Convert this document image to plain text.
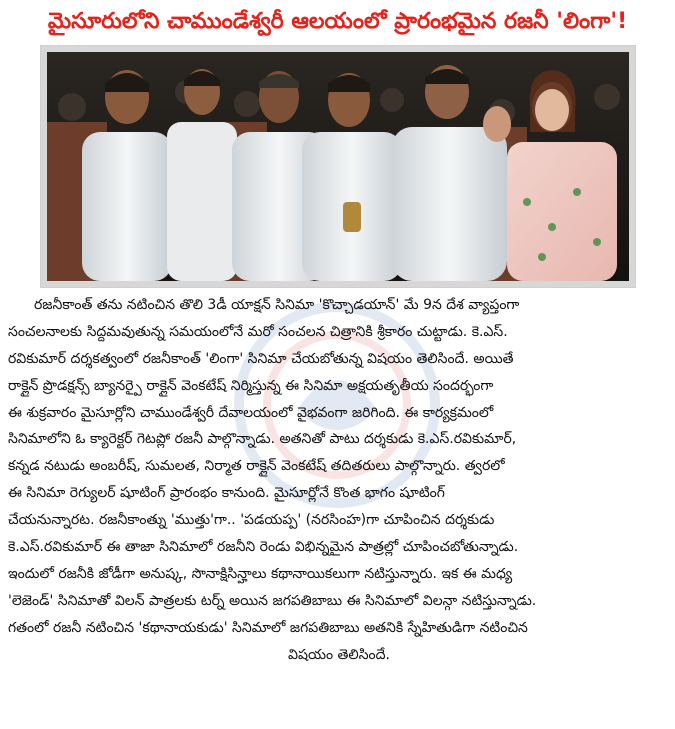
మైసూరులోని చాముండేశ్వరీ ఆలయంలో ప్రారంభమైన రజనీ 'లింగా'!
రజనీకాంత్ తను నటించిన తొలి 3డీ యాక్షన్ సినిమా 'కొచ్చాడయాన్' మే 9న దేశ వ్యాప్తంగా
సంచలనాలకు సిద్దమవుతున్న సమయంలోనే మరో సంచలన చిత్రానికి శ్రీకారం చుట్టాడు. కె.ఎస్.
రవికుమార్ దర్శకత్వంలో రజనీకాంత్ 'లింగా' సినిమా చేయబోతున్న విషయం తెలిసిందే. అయితే
రాక్లైన్ ప్రొడక్షన్స్ బ్యానర్పై రాక్లైన్ వెంకటేష్ నిర్మిస్తున్న ఈ సినిమా అక్షయతృతీయ సందర్భంగా
ఈ శుక్రవారం మైసూర్లోని చాముండేశ్వరీ దేవాలయంలో వైభవంగా జరిగింది. ఈ కార్యక్రమంలో
సినిమాలోని ఓ క్యారెక్టర్ గెటప్లో రజనీ పాల్గొన్నాడు. అతనితో పాటు దర్శకుడు కె.ఎస్.రవికుమార్,
కన్నడ నటుడు అంబరీష్, సుమలత, నిర్మాత రాక్లైన్ వెంకటేష్ తదితరులు పాల్గొన్నారు. త్వరలో
ఈ సినిమా రెగ్యులర్ షూటింగ్ ప్రారంభం కానుంది. మైసూర్లోనే కొంత భాగం షూటింగ్
చేయనున్నారట. రజనీకాంత్ను 'ముత్తు'గా.. 'పడయప్ప' (నరసింహ)గా చూపించిన దర్శకుడు
కె.ఎస్.రవికుమార్ ఈ తాజా సినిమాలో రజనీని రెండు విభిన్నమైన పాత్రల్లో చూపించబోతున్నాడు.
ఇందులో రజనీకి జోడీగా అనుష్క, సొనాక్షిసిన్హాలు కథానాయికలుగా నటిస్తున్నారు. ఇక ఈ మధ్య
'లెజెండ్' సినిమాతో విలన్ పాత్రలకు టర్న్ అయిన జగపతిబాబు ఈ సినిమాలో విలన్గా నటిస్తున్నాడు.
గతంలో రజనీ నటించిన 'కథానాయకుడు' సినిమాలో జగపతిబాబు అతనికి స్నేహితుడిగా నటించిన
విషయం తెలిసిందే.
